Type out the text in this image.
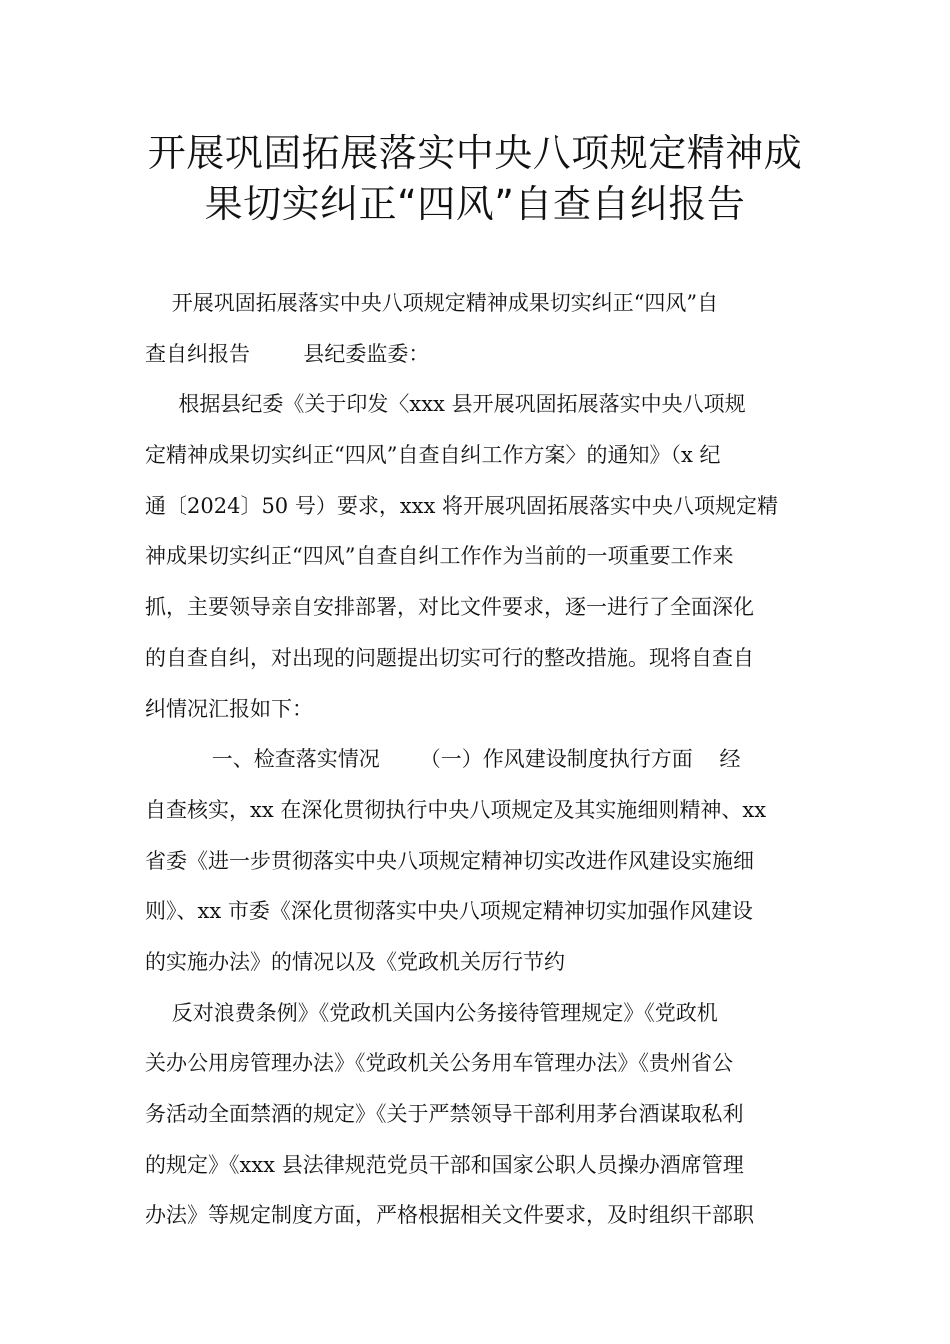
开展巩固拓展落实中央八项规定精神成
果切实纠正“四风”自查自纠报告
开展巩固拓展落实中央八项规定精神成果切实纠正“四风”自
查自纠报告        县纪委监委：
根据县纪委《关于印发〈xxx 县开展巩固拓展落实中央八项规
定精神成果切实纠正“四风”自查自纠工作方案〉的通知》（x 纪
通〔2024〕50 号）要求，xxx 将开展巩固拓展落实中央八项规定精
神成果切实纠正“四风”自查自纠工作作为当前的一项重要工作来
抓，主要领导亲自安排部署，对比文件要求，逐一进行了全面深化
的自查自纠，对出现的问题提出切实可行的整改措施。现将自查自
纠情况汇报如下：
一、检查落实情况      （一）作风建设制度执行方面    经
自查核实，xx 在深化贯彻执行中央八项规定及其实施细则精神、xx
省委《进一步贯彻落实中央八项规定精神切实改进作风建设实施细
则》、xx 市委《深化贯彻落实中央八项规定精神切实加强作风建设
的实施办法》的情况以及《党政机关厉行节约
反对浪费条例》《党政机关国内公务接待管理规定》《党政机
关办公用房管理办法》《党政机关公务用车管理办法》《贵州省公
务活动全面禁酒的规定》《关于严禁领导干部利用茅台酒谋取私利
的规定》《xxx 县法律规范党员干部和国家公职人员操办酒席管理
办法》等规定制度方面，严格根据相关文件要求，及时组织干部职
